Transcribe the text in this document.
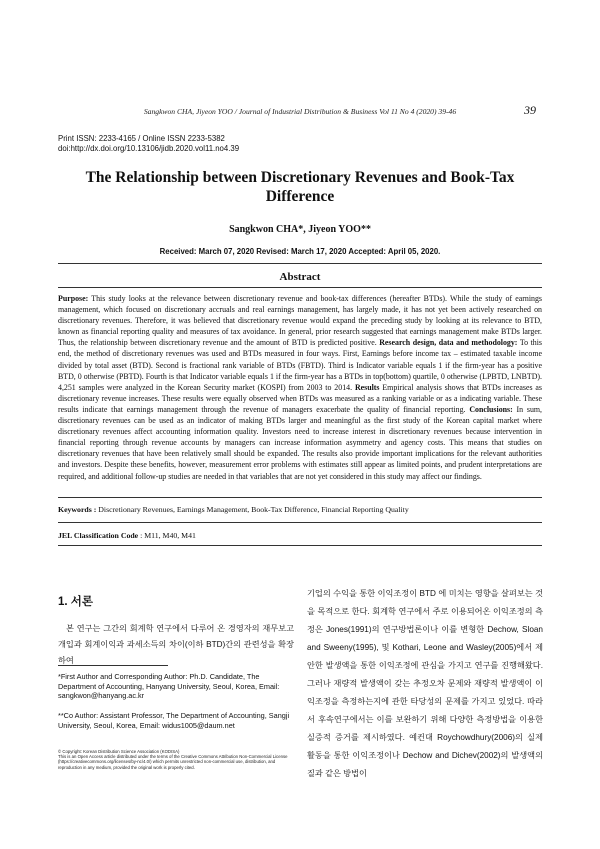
Sangkwon CHA, Jiyeon YOO / Journal of Industrial Distribution & Business Vol 11 No 4 (2020) 39-46	39
Print ISSN: 2233-4165 / Online ISSN 2233-5382
doi:http://dx.doi.org/10.13106/jidb.2020.vol11.no4.39
The Relationship between Discretionary Revenues and Book-Tax Difference
Sangkwon CHA*, Jiyeon YOO**
Received: March 07, 2020 Revised: March 17, 2020 Accepted: April 05, 2020.
Abstract

Purpose: This study looks at the relevance between discretionary revenue and book-tax differences (hereafter BTDs). While the study of earnings management, which focused on discretionary accruals and real earnings management, has largely made, it has not yet been actively researched on discretionary revenues. Therefore, it was believed that discretionary revenue would expand the preceding study by looking at its relevance to BTD, known as financial reporting quality and measures of tax avoidance. In general, prior research suggested that earnings management make BTDs larger. Thus, the relationship between discretionary revenue and the amount of BTD is predicted positive. Research design, data and methodology: To this end, the method of discretionary revenues was used and BTDs measured in four ways. First, Earnings before income tax – estimated taxable income divided by total asset (BTD). Second is fractional rank variable of BTDs (FBTD). Third is Indicator variable equals 1 if the firm-year has a positive BTD, 0 otherwise (PBTD). Fourth is that Indicator variable equals 1 if the firm-year has a BTDs in top(bottom) quartile, 0 otherwise (LPBTD, LNBTD). 4,251 samples were analyzed in the Korean Security market (KOSPI) from 2003 to 2014. Results Empirical analysis shows that BTDs increases as discretionary revenue increases. These results were equally observed when BTDs was measured as a ranking variable or as a indicating variable. These results indicate that earnings management through the revenue of managers exacerbate the quality of financial reporting. Conclusions: In sum, discretionary revenues can be used as an indicator of making BTDs larger and meaningful as the first study of the Korean capital market where discretionary revenues affect accounting information quality. Investors need to increase interest in discretionary revenues because intervention in financial reporting through revenue accounts by managers can increase information asymmetry and agency costs. This means that studies on discretionary revenues that have been relatively small should be expanded. The results also provide important implications for the relevant authorities and investors. Despite these benefits, however, measurement error problems with estimates still appear as limited points, and prudent interpretations are required, and additional follow-up studies are needed in that variables that are not yet considered in this study may affect our findings.

Keywords : Discretionary Revenues, Earnings Management, Book-Tax Difference, Financial Reporting Quality
JEL Classification Code : M11, M40, M41
1. 서론

본 연구는 그간의 회계학 연구에서 다루어 온 경영자의 재무보고 개입과 회계이익과 과세소득의 차이(이하 BTD)간의 관련성을 확장하여

*First Author and Corresponding Author: Ph.D. Candidate, The Department of Accounting, Hanyang University, Seoul, Korea, Email: sangkwon@hanyang.ac.kr
**Co Author: Assistant Professor, The Department of Accounting, Sangji University, Seoul, Korea, Email: widus1005@daum.net
© Copyright: Korean Distribution Science Association (KODISA)
This is an Open Access article distributed under the terms of the Creative Commons Attribution Non-Commercial License (https://creativecommons.org/licenses/by-nc/4.0/) which permits unrestricted non-commercial use, distribution, and reproduction in any medium, provided the original work is properly cited.

기업의 수익을 통한 이익조정이 BTD 에 미치는 영향을 살펴보는 것을 목적으로 한다. 회계학 연구에서 주로 이용되어온 이익조정의 측정은 Jones(1991)의 연구방법론이나 이를 변형한 Dechow, Sloan and Sweeny(1995), 및 Kothari, Leone and Wasley(2005)에서 제안한 발생액을 통한 이익조정에 관심을 가지고 연구를 진행해왔다. 그러나 재량적 발생액이 갖는 추정오차 문제와 재량적 발생액이 이익조정을 측정하는지에 관한 타당성의 문제를 가지고 있었다. 따라서 후속연구에서는 이를 보완하기 위해 다양한 측정방법을 이용한 실증적 증거를 제시하였다. 예컨대 Roychowdhury(2006)의 실제 활동을 통한 이익조정이나 Dechow and Dichev(2002)의 발생액의 질과 같은 방법이
